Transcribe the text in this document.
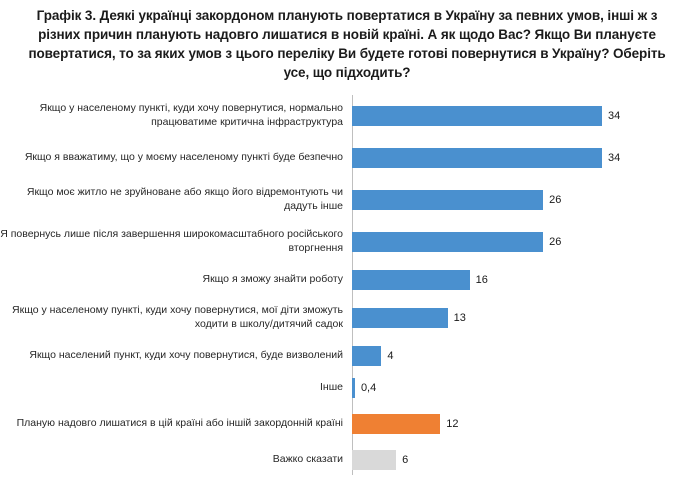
Графік 3. Деякі українці закордоном планують повертатися в Україну за певних умов, інші ж з різних причин планують надовго лишатися в новій країні. А як щодо Вас? Якщо Ви плануєте повертатися, то за яких умов з цього переліку Ви будете готові повернутися в Україну? Оберіть усе, що підходить?
Якщо у населеному пункті, куди хочу повернутися, нормально працюватиме критична інфраструктура	34
Якщо я вважатиму, що у моєму населеному пункті буде безпечно	34
Якщо моє житло не зруйноване або якщо його відремонтують чи дадуть інше	26
Я повернусь лише після завершення широкомасштабного російського вторгнення	26
Якщо я зможу знайти роботу	16
Якщо у населеному пункті, куди хочу повернутися, мої діти зможуть ходити в школу/дитячий садок	13
Якщо населений пункт, куди хочу повернутися, буде визволений	4
Інше	0,4
Планую надовго лишатися в цій країні або іншій закордонній країні	12
Важко сказати	6
